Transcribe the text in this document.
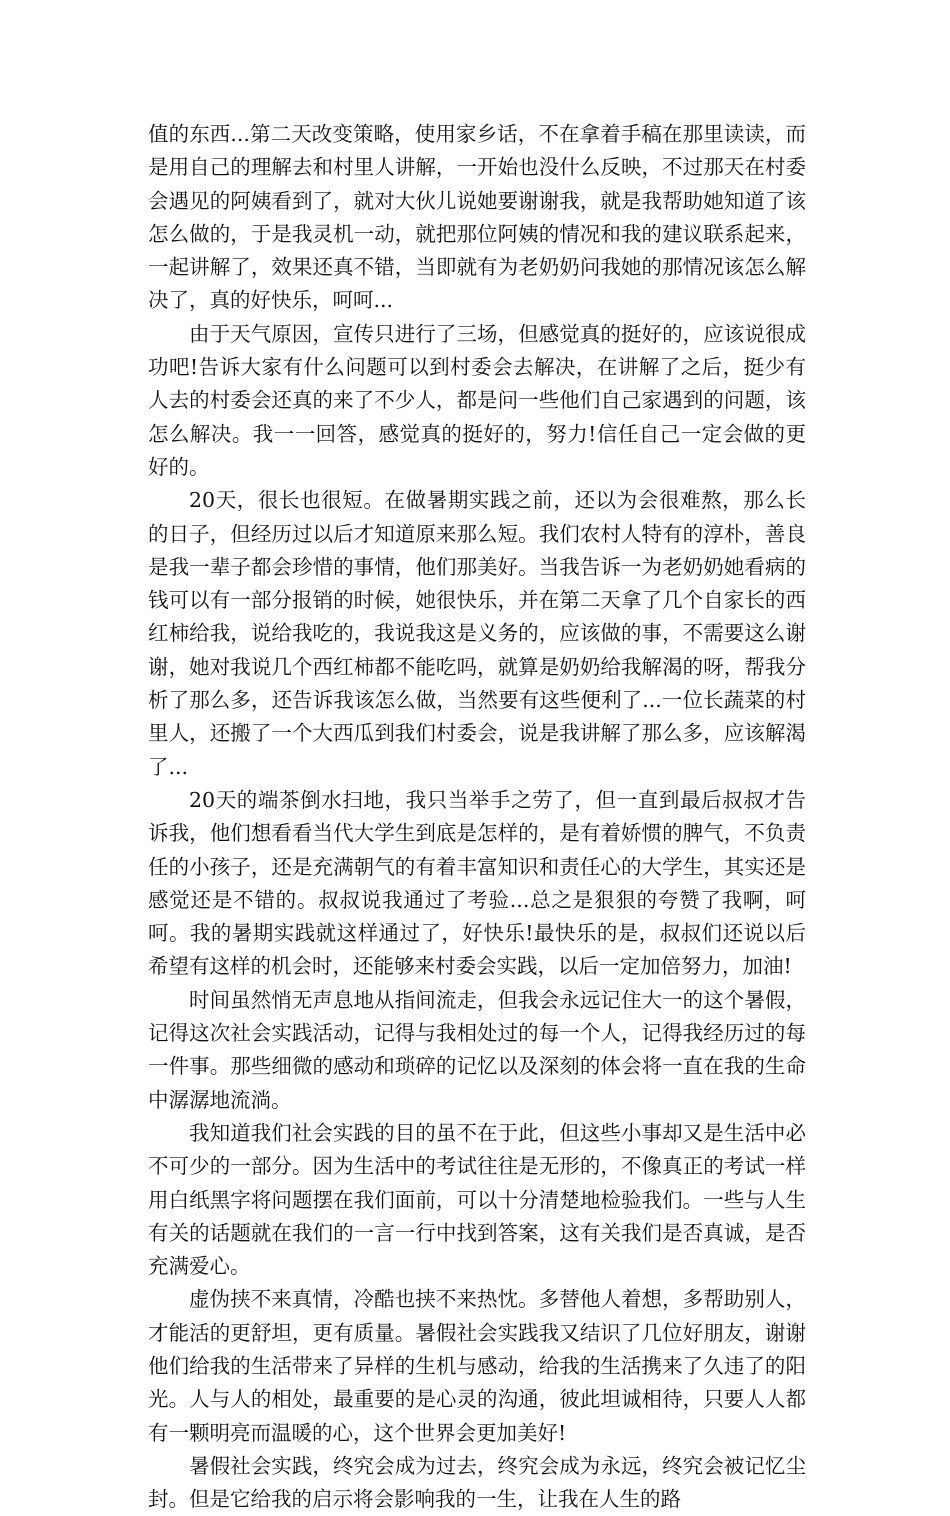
值的东西...第二天改变策略，使用家乡话，不在拿着手稿在那里读读，而是用自己的理解去和村里人讲解，一开始也没什么反映，不过那天在村委会遇见的阿姨看到了，就对大伙儿说她要谢谢我，就是我帮助她知道了该怎么做的，于是我灵机一动，就把那位阿姨的情况和我的建议联系起来，一起讲解了，效果还真不错，当即就有为老奶奶问我她的那情况该怎么解决了，真的好快乐，呵呵...

由于天气原因，宣传只进行了三场，但感觉真的挺好的，应该说很成功吧!告诉大家有什么问题可以到村委会去解决，在讲解了之后，挺少有人去的村委会还真的来了不少人，都是问一些他们自己家遇到的问题，该怎么解决。我一一回答，感觉真的挺好的，努力!信任自己一定会做的更好的。

20天，很长也很短。在做暑期实践之前，还以为会很难熬，那么长的日子，但经历过以后才知道原来那么短。我们农村人特有的淳朴，善良是我一辈子都会珍惜的事情，他们那美好。当我告诉一为老奶奶她看病的钱可以有一部分报销的时候，她很快乐，并在第二天拿了几个自家长的西红柿给我，说给我吃的，我说我这是义务的，应该做的事，不需要这么谢谢，她对我说几个西红柿都不能吃吗，就算是奶奶给我解渴的呀，帮我分析了那么多，还告诉我该怎么做，当然要有这些便利了...一位长蔬菜的村里人，还搬了一个大西瓜到我们村委会，说是我讲解了那么多，应该解渴了...

20天的端茶倒水扫地，我只当举手之劳了，但一直到最后叔叔才告诉我，他们想看看当代大学生到底是怎样的，是有着娇惯的脾气，不负责任的小孩子，还是充满朝气的有着丰富知识和责任心的大学生，其实还是感觉还是不错的。叔叔说我通过了考验...总之是狠狠的夸赞了我啊，呵呵。我的暑期实践就这样通过了，好快乐!最快乐的是，叔叔们还说以后希望有这样的机会时，还能够来村委会实践，以后一定加倍努力，加油!

时间虽然悄无声息地从指间流走，但我会永远记住大一的这个暑假，记得这次社会实践活动，记得与我相处过的每一个人，记得我经历过的每一件事。那些细微的感动和琐碎的记忆以及深刻的体会将一直在我的生命中潺潺地流淌。

我知道我们社会实践的目的虽不在于此，但这些小事却又是生活中必不可少的一部分。因为生活中的考试往往是无形的，不像真正的考试一样用白纸黑字将问题摆在我们面前，可以十分清楚地检验我们。一些与人生有关的话题就在我们的一言一行中找到答案，这有关我们是否真诚，是否充满爱心。

虚伪挟不来真情，冷酷也挟不来热忱。多替他人着想，多帮助别人，才能活的更舒坦，更有质量。暑假社会实践我又结识了几位好朋友，谢谢他们给我的生活带来了异样的生机与感动，给我的生活携来了久违了的阳光。人与人的相处，最重要的是心灵的沟通，彼此坦诚相待，只要人人都有一颗明亮而温暖的心，这个世界会更加美好!

暑假社会实践，终究会成为过去，终究会成为永远，终究会被记忆尘封。但是它给我的启示将会影响我的一生，让我在人生的路
